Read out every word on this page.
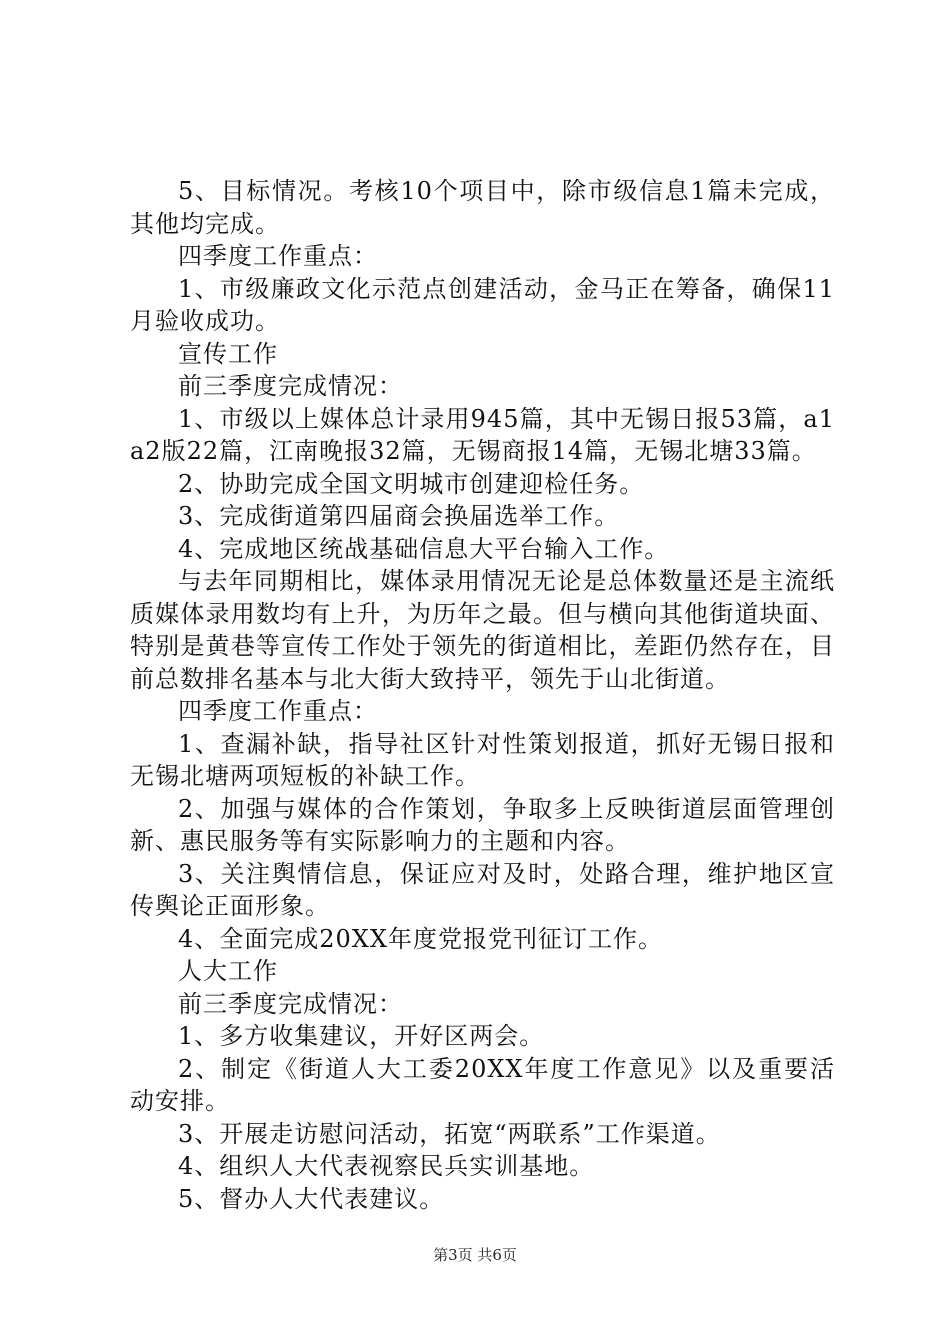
5、目标情况。考核10个项目中，除市级信息1篇未完成，其他均完成。

四季度工作重点：

1、市级廉政文化示范点创建活动，金马正在筹备，确保11月验收成功。

宣传工作

前三季度完成情况：

1、市级以上媒体总计录用945篇，其中无锡日报53篇，a1a2版22篇，江南晚报32篇，无锡商报14篇，无锡北塘33篇。

2、协助完成全国文明城市创建迎检任务。

3、完成街道第四届商会换届选举工作。

4、完成地区统战基础信息大平台输入工作。

与去年同期相比，媒体录用情况无论是总体数量还是主流纸质媒体录用数均有上升，为历年之最。但与横向其他街道块面、特别是黄巷等宣传工作处于领先的街道相比，差距仍然存在，目前总数排名基本与北大街大致持平，领先于山北街道。

四季度工作重点：

1、查漏补缺，指导社区针对性策划报道，抓好无锡日报和无锡北塘两项短板的补缺工作。

2、加强与媒体的合作策划，争取多上反映街道层面管理创新、惠民服务等有实际影响力的主题和内容。

3、关注舆情信息，保证应对及时，处路合理，维护地区宣传舆论正面形象。

4、全面完成20XX年度党报党刊征订工作。

人大工作

前三季度完成情况：

1、多方收集建议，开好区两会。

2、制定《街道人大工委20XX年度工作意见》以及重要活动安排。

3、开展走访慰问活动，拓宽“两联系”工作渠道。

4、组织人大代表视察民兵实训基地。

5、督办人大代表建议。

第3页 共6页
